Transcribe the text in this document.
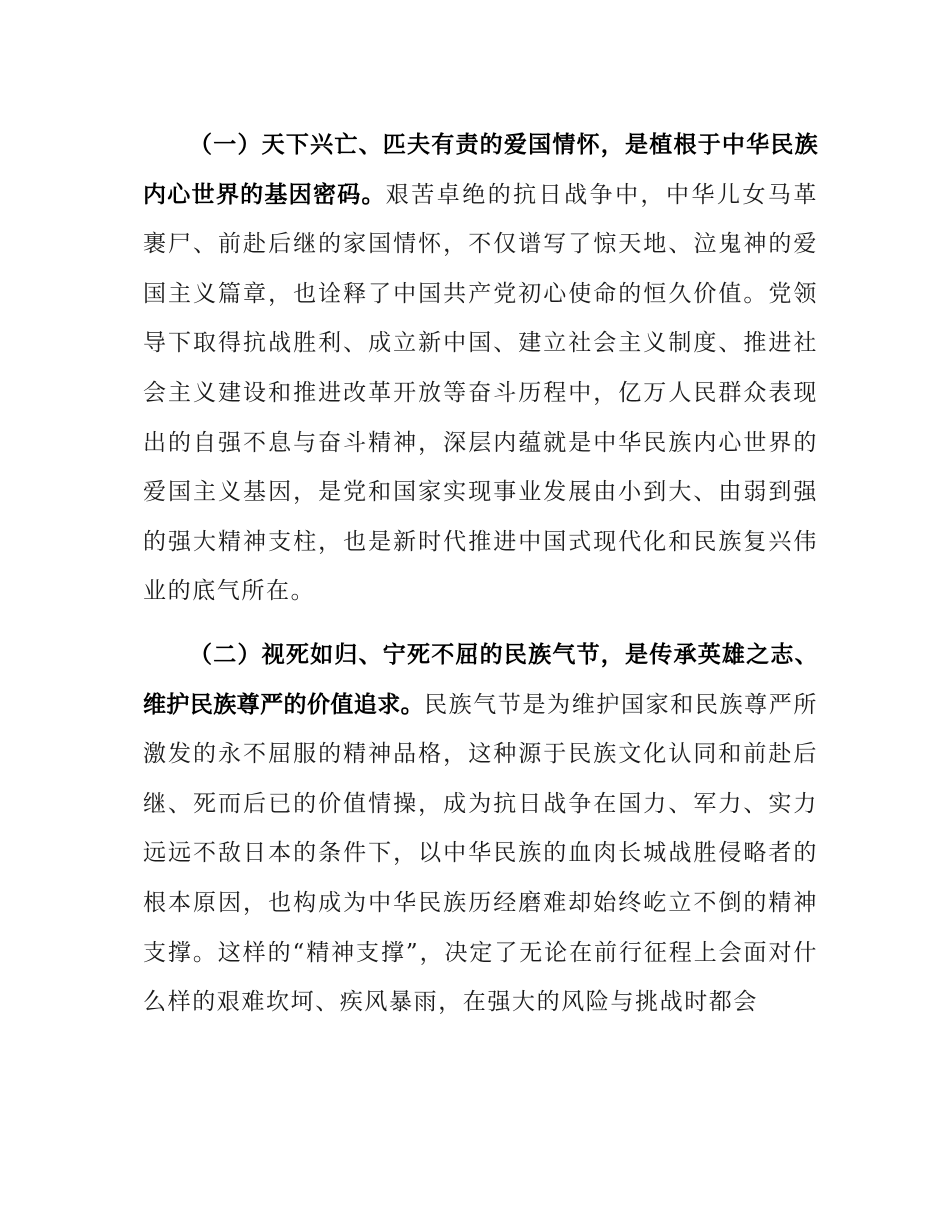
（一）天下兴亡、匹夫有责的爱国情怀，是植根于中华民族内心世界的基因密码。艰苦卓绝的抗日战争中，中华儿女马革裹尸、前赴后继的家国情怀，不仅谱写了惊天地、泣鬼神的爱国主义篇章，也诠释了中国共产党初心使命的恒久价值。党领导下取得抗战胜利、成立新中国、建立社会主义制度、推进社会主义建设和推进改革开放等奋斗历程中，亿万人民群众表现出的自强不息与奋斗精神，深层内蕴就是中华民族内心世界的爱国主义基因，是党和国家实现事业发展由小到大、由弱到强的强大精神支柱，也是新时代推进中国式现代化和民族复兴伟业的底气所在。

（二）视死如归、宁死不屈的民族气节，是传承英雄之志、维护民族尊严的价值追求。民族气节是为维护国家和民族尊严所激发的永不屈服的精神品格，这种源于民族文化认同和前赴后继、死而后已的价值情操，成为抗日战争在国力、军力、实力远远不敌日本的条件下，以中华民族的血肉长城战胜侵略者的根本原因，也构成为中华民族历经磨难却始终屹立不倒的精神支撑。这样的“精神支撑”，决定了无论在前行征程上会面对什么样的艰难坎坷、疾风暴雨，在强大的风险与挑战时都会
